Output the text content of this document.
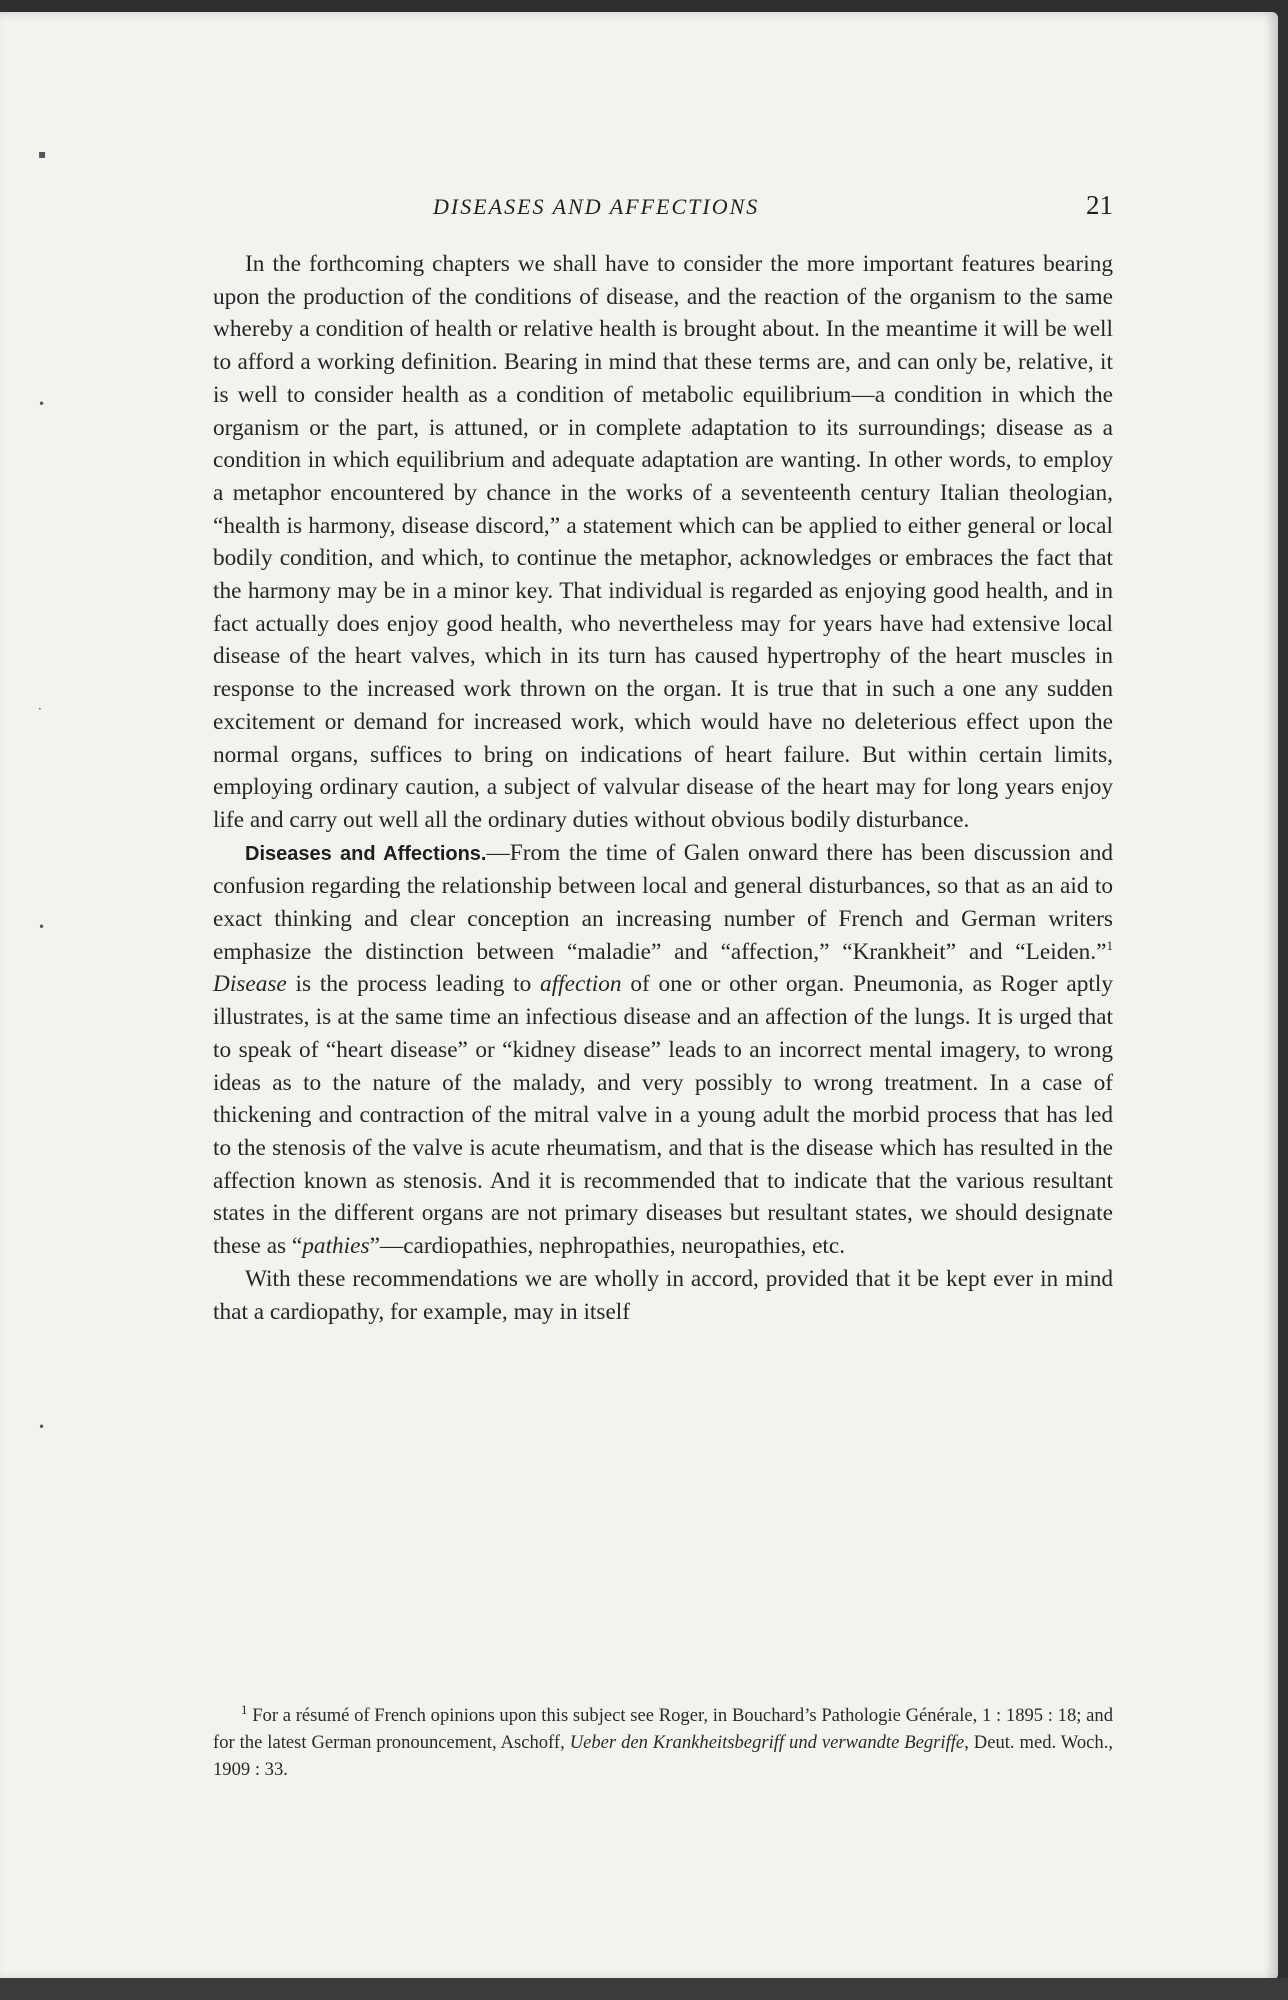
▪
•
·
•
•
DISEASES AND AFFECTIONS	21

In the forthcoming chapters we shall have to consider the more important features bearing upon the production of the conditions of disease, and the reaction of the organism to the same whereby a condition of health or relative health is brought about. In the meantime it will be well to afford a working definition. Bearing in mind that these terms are, and can only be, relative, it is well to consider health as a condition of metabolic equilibrium—a condition in which the organism or the part, is attuned, or in complete adaptation to its surroundings; disease as a condition in which equilibrium and adequate adaptation are wanting. In other words, to employ a metaphor encountered by chance in the works of a seventeenth century Italian theologian, “health is harmony, disease discord,” a statement which can be applied to either general or local bodily condition, and which, to continue the metaphor, acknowledges or embraces the fact that the harmony may be in a minor key. That individual is regarded as enjoying good health, and in fact actually does enjoy good health, who nevertheless may for years have had extensive local disease of the heart valves, which in its turn has caused hypertrophy of the heart muscles in response to the increased work thrown on the organ. It is true that in such a one any sudden excitement or demand for increased work, which would have no deleterious effect upon the normal organs, suffices to bring on indications of heart failure. But within certain limits, employing ordinary caution, a subject of valvular disease of the heart may for long years enjoy life and carry out well all the ordinary duties without obvious bodily disturbance.

Diseases and Affections.—From the time of Galen onward there has been discussion and confusion regarding the relationship between local and general disturbances, so that as an aid to exact thinking and clear conception an increasing number of French and German writers emphasize the distinction between “maladie” and “affection,” “Krankheit” and “Leiden.”$^1$ Disease is the process leading to affection of one or other organ. Pneumonia, as Roger aptly illustrates, is at the same time an infectious disease and an affection of the lungs. It is urged that to speak of “heart disease” or “kidney disease” leads to an incorrect mental imagery, to wrong ideas as to the nature of the malady, and very possibly to wrong treatment. In a case of thickening and contraction of the mitral valve in a young adult the morbid process that has led to the stenosis of the valve is acute rheumatism, and that is the disease which has resulted in the affection known as stenosis. And it is recommended that to indicate that the various resultant states in the different organs are not primary diseases but resultant states, we should designate these as “pathies”—cardiopathies, nephropathies, neuropathies, etc.

With these recommendations we are wholly in accord, provided that it be kept ever in mind that a cardiopathy, for example, may in itself

$^1$ For a résumé of French opinions upon this subject see Roger, in Bouchard’s Pathologie Générale, 1 : 1895 : 18; and for the latest German pronouncement, Aschoff, Ueber den Krankheitsbegriff und verwandte Begriffe, Deut. med. Woch., 1909 : 33.
